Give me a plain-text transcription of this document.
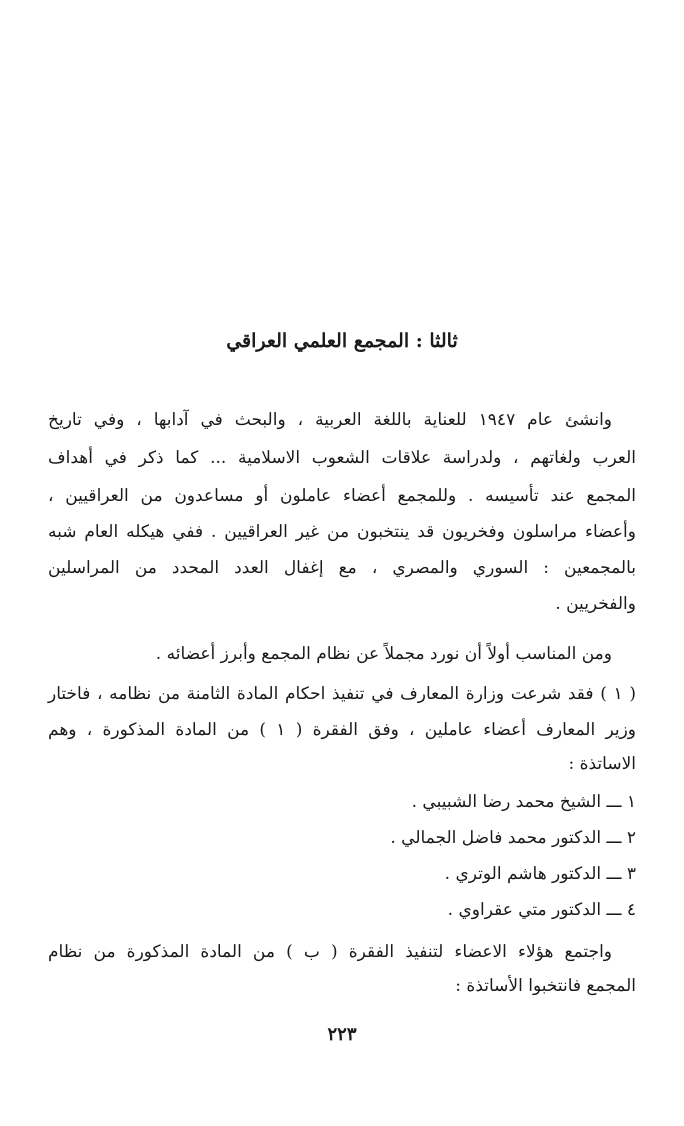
ثالثا : المجمع العلمي العراقي
وانشئ عام ١٩٤٧ للعناية باللغة العربية ، والبحث في آدابها ، وفي تاريخ
العرب ولغاتهم ، ولدراسة علاقات الشعوب الاسلامية ... كما ذكر في أهداف
المجمع عند تأسيسه . وللمجمع أعضاء عاملون أو مساعدون من العراقيين ،
وأعضاء مراسلون وفخريون قد ينتخبون من غير العراقيين . ففي هيكله العام شبه
بالمجمعين : السوري والمصري ، مع إغفال العدد المحدد من المراسلين
والفخريين .
ومن المناسب أولاً أن نورد مجملاً عن نظام المجمع وأبرز أعضائه .
( ١ ) فقد شرعت وزارة المعارف في تنفيذ احكام المادة الثامنة من نظامه ، فاختار
وزير المعارف أعضاء عاملين ، وفق الفقرة ( ١ ) من المادة المذكورة ، وهم
الاساتذة :
١ ـــ الشيخ محمد رضا الشبيبي .
٢ ـــ الدكتور محمد فاضل الجمالي .
٣ ـــ الدكتور هاشم الوتري .
٤ ـــ الدكتور متي عقراوي .
واجتمع هؤلاء الاعضاء لتنفيذ الفقرة ( ب ) من المادة المذكورة من نظام
المجمع فانتخبوا الأساتذة :
٢٢٣
